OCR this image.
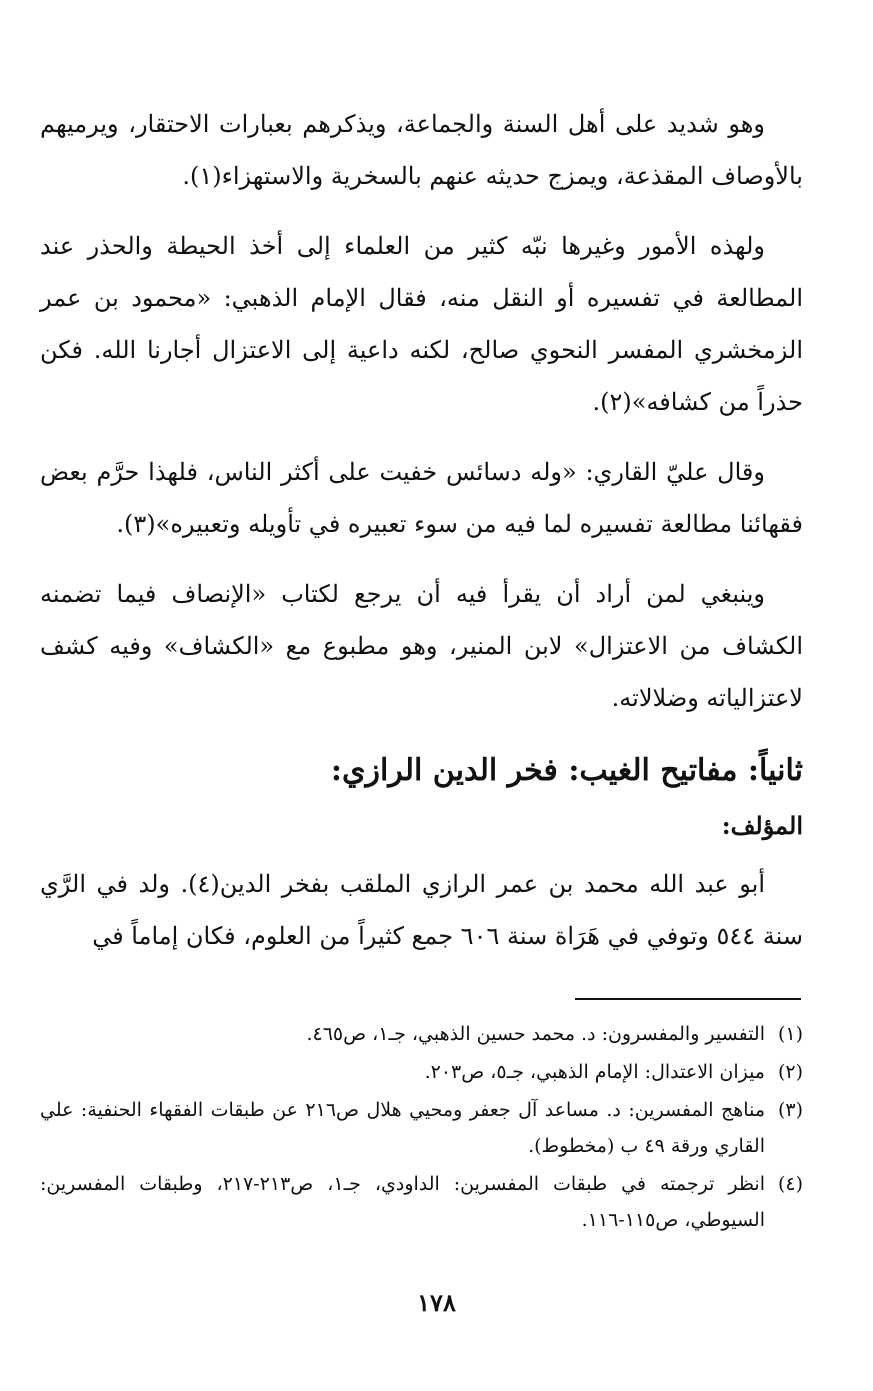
وهو شديد على أهل السنة والجماعة، ويذكرهم بعبارات الاحتقار، ويرميهم بالأوصاف المقذعة، ويمزج حديثه عنهم بالسخرية والاستهزاء(١).

ولهذه الأمور وغيرها نبّه كثير من العلماء إلى أخذ الحيطة والحذر عند المطالعة في تفسيره أو النقل منه، فقال الإمام الذهبي: «محمود بن عمر الزمخشري المفسر النحوي صالح، لكنه داعية إلى الاعتزال أجارنا الله. فكن حذراً من كشافه»(٢).

وقال عليّ القاري: «وله دسائس خفيت على أكثر الناس، فلهذا حرَّم بعض فقهائنا مطالعة تفسيره لما فيه من سوء تعبيره في تأويله وتعبيره»(٣).

وينبغي لمن أراد أن يقرأ فيه أن يرجع لكتاب «الإنصاف فيما تضمنه الكشاف من الاعتزال» لابن المنير، وهو مطبوع مع «الكشاف» وفيه كشف لاعتزالياته وضلالاته.

ثانياً: مفاتيح الغيب: فخر الدين الرازي:
المؤلف:

أبو عبد الله محمد بن عمر الرازي الملقب بفخر الدين(٤). ولد في الرَّي سنة ٥٤٤ وتوفي في هَرَاة سنة ٦٠٦ جمع كثيراً من العلوم، فكان إماماً في

(١)التفسير والمفسرون: د. محمد حسين الذهبي، جـ١، ص٤٦٥.

(٢)ميزان الاعتدال: الإمام الذهبي، جـ٥، ص٢٠٣.

(٣)مناهج المفسرين: د. مساعد آل جعفر ومحيي هلال ص٢١٦ عن طبقات الفقهاء الحنفية: علي القاري ورقة ٤٩ ب (مخطوط).

(٤)انظر ترجمته في طبقات المفسرين: الداودي، جـ١، ص٢١٣-٢١٧، وطبقات المفسرين: السيوطي، ص١١٥-١١٦.

١٧٨
